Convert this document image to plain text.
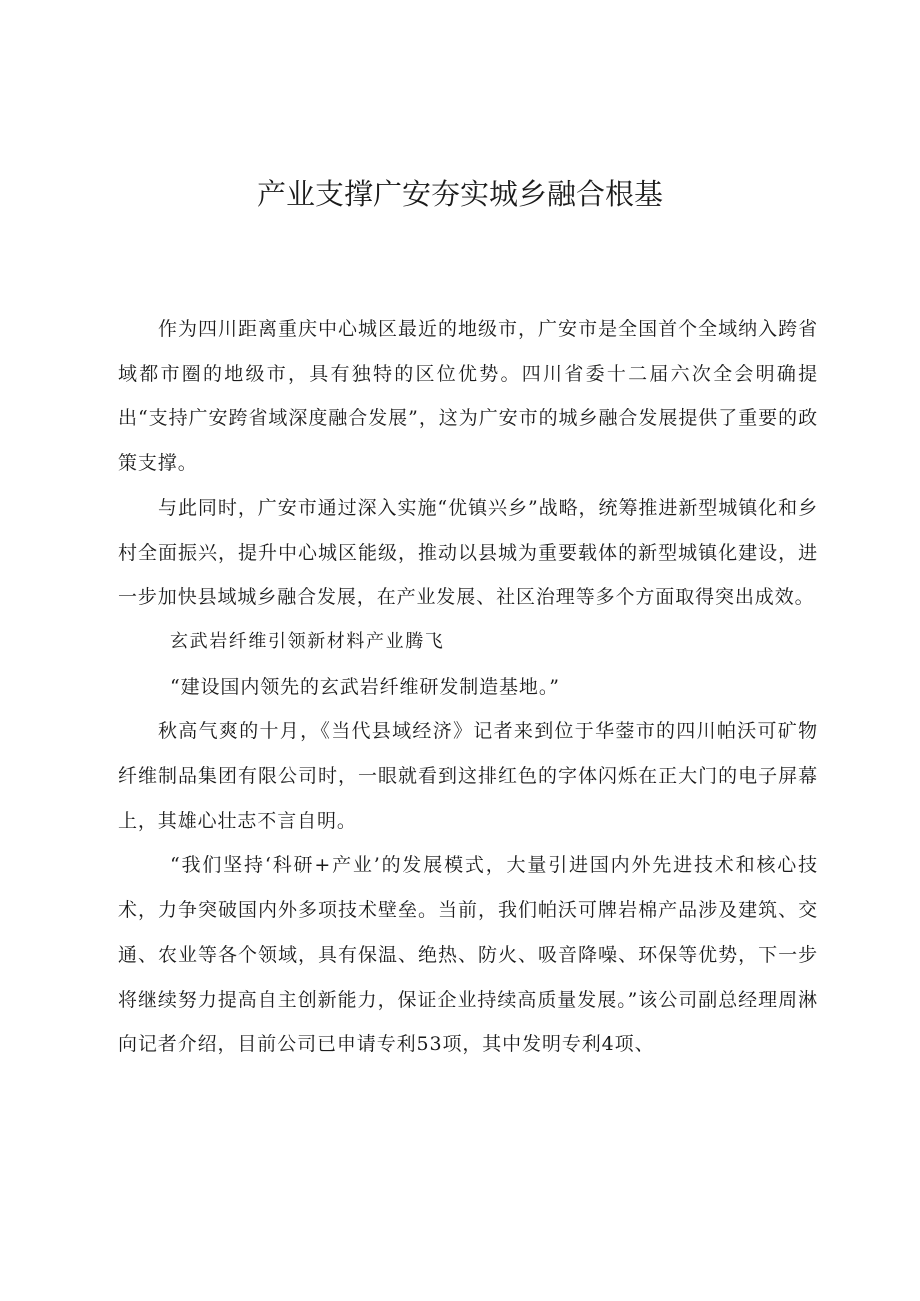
产业支撑广安夯实城乡融合根基

作为四川距离重庆中心城区最近的地级市，广安市是全国首个全域纳入跨省域都市圈的地级市，具有独特的区位优势。四川省委十二届六次全会明确提出“支持广安跨省域深度融合发展”，这为广安市的城乡融合发展提供了重要的政策支撑。

与此同时，广安市通过深入实施“优镇兴乡”战略，统筹推进新型城镇化和乡村全面振兴，提升中心城区能级，推动以县城为重要载体的新型城镇化建设，进一步加快县域城乡融合发展，在产业发展、社区治理等多个方面取得突出成效。

玄武岩纤维引领新材料产业腾飞

“建设国内领先的玄武岩纤维研发制造基地。”

秋高气爽的十月，《当代县域经济》记者来到位于华蓥市的四川帕沃可矿物纤维制品集团有限公司时，一眼就看到这排红色的字体闪烁在正大门的电子屏幕上，其雄心壮志不言自明。

“我们坚持‘科研+产业’的发展模式，大量引进国内外先进技术和核心技术，力争突破国内外多项技术壁垒。当前，我们帕沃可牌岩棉产品涉及建筑、交通、农业等各个领域，具有保温、绝热、防火、吸音降噪、环保等优势，下一步将继续努力提高自主创新能力，保证企业持续高质量发展。”该公司副总经理周淋向记者介绍，目前公司已申请专利53项，其中发明专利4项、
